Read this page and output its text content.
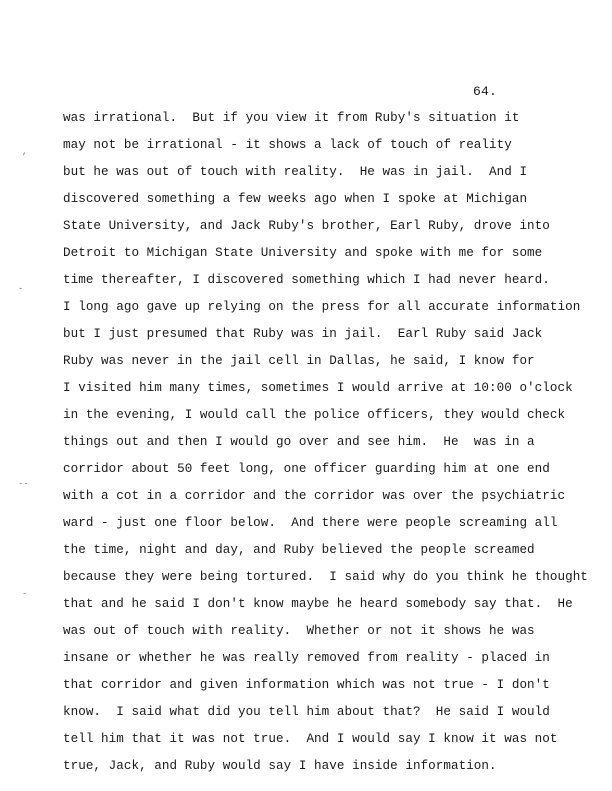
64.
,
-
--
-
was irrational.  But if you view it from Ruby's situation it
may not be irrational - it shows a lack of touch of reality
but he was out of touch with reality.  He was in jail.  And I
discovered something a few weeks ago when I spoke at Michigan
State University, and Jack Ruby's brother, Earl Ruby, drove into
Detroit to Michigan State University and spoke with me for some
time thereafter, I discovered something which I had never heard.
I long ago gave up relying on the press for all accurate information
but I just presumed that Ruby was in jail.  Earl Ruby said Jack
Ruby was never in the jail cell in Dallas, he said, I know for
I visited him many times, sometimes I would arrive at 10:00 o'clock
in the evening, I would call the police officers, they would check
things out and then I would go over and see him.  He  was in a
corridor about 50 feet long, one officer guarding him at one end
with a cot in a corridor and the corridor was over the psychiatric
ward - just one floor below.  And there were people screaming all
the time, night and day, and Ruby believed the people screamed
because they were being tortured.  I said why do you think he thought
that and he said I don't know maybe he heard somebody say that.  He
was out of touch with reality.  Whether or not it shows he was
insane or whether he was really removed from reality - placed in
that corridor and given information which was not true - I don't
know.  I said what did you tell him about that?  He said I would
tell him that it was not true.  And I would say I know it was not
true, Jack, and Ruby would say I have inside information.
